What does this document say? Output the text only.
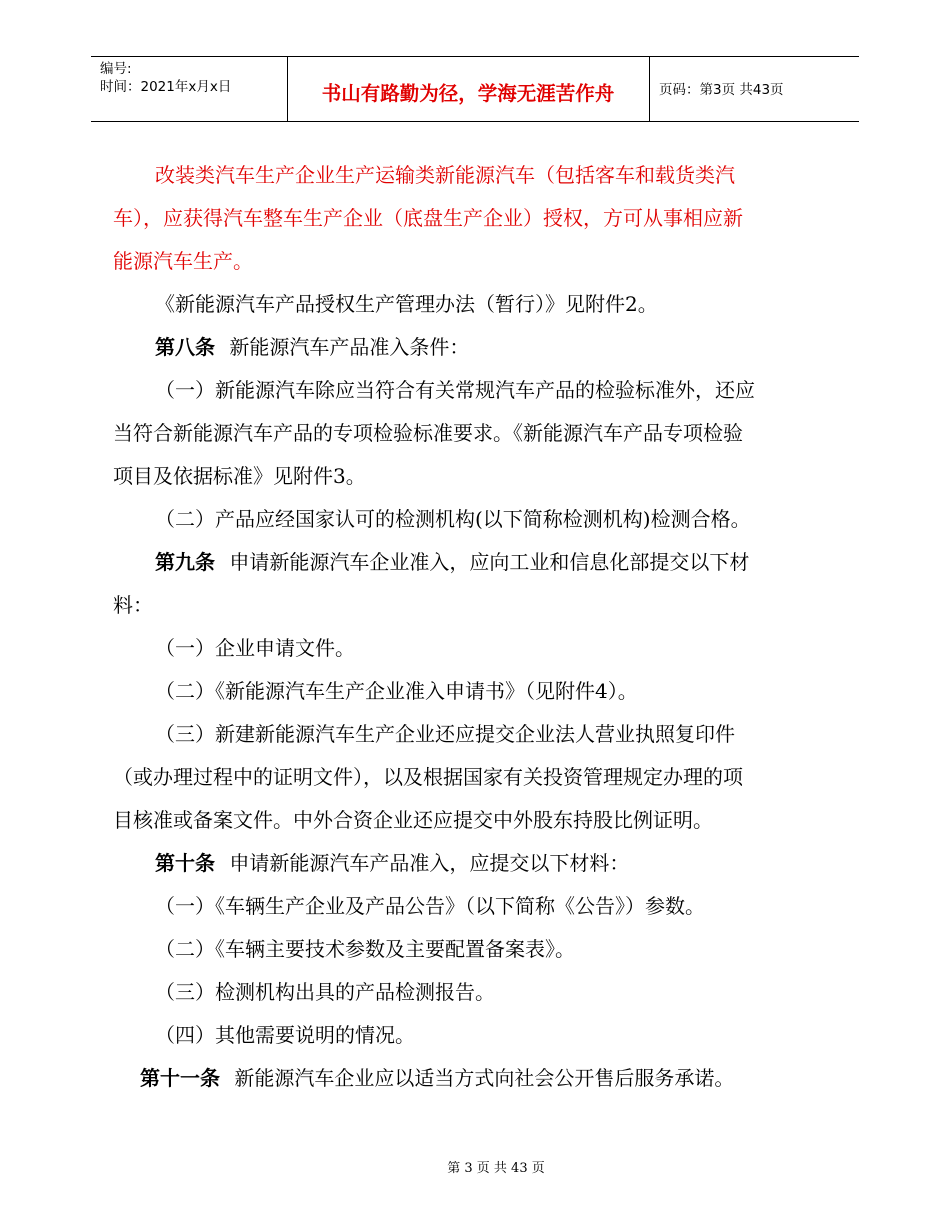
编号:
时间：2021年x月x日	书山有路勤为径，学海无涯苦作舟	页码：第3页 共43页
改装类汽车生产企业生产运输类新能源汽车（包括客车和载货类汽
车），应获得汽车整车生产企业（底盘生产企业）授权，方可从事相应新
能源汽车生产。
《新能源汽车产品授权生产管理办法（暂行）》见附件2。
第八条 新能源汽车产品准入条件：
（一）新能源汽车除应当符合有关常规汽车产品的检验标准外，还应
当符合新能源汽车产品的专项检验标准要求。《新能源汽车产品专项检验
项目及依据标准》见附件3。
（二）产品应经国家认可的检测机构(以下简称检测机构)检测合格。
第九条 申请新能源汽车企业准入，应向工业和信息化部提交以下材
料：
（一）企业申请文件。
（二）《新能源汽车生产企业准入申请书》（见附件4）。
（三）新建新能源汽车生产企业还应提交企业法人营业执照复印件
（或办理过程中的证明文件），以及根据国家有关投资管理规定办理的项
目核准或备案文件。中外合资企业还应提交中外股东持股比例证明。
第十条 申请新能源汽车产品准入，应提交以下材料：
（一）《车辆生产企业及产品公告》（以下简称《公告》）参数。
（二）《车辆主要技术参数及主要配置备案表》。
（三）检测机构出具的产品检测报告。
（四）其他需要说明的情况。
第十一条 新能源汽车企业应以适当方式向社会公开售后服务承诺。
第 3 页 共 43 页
